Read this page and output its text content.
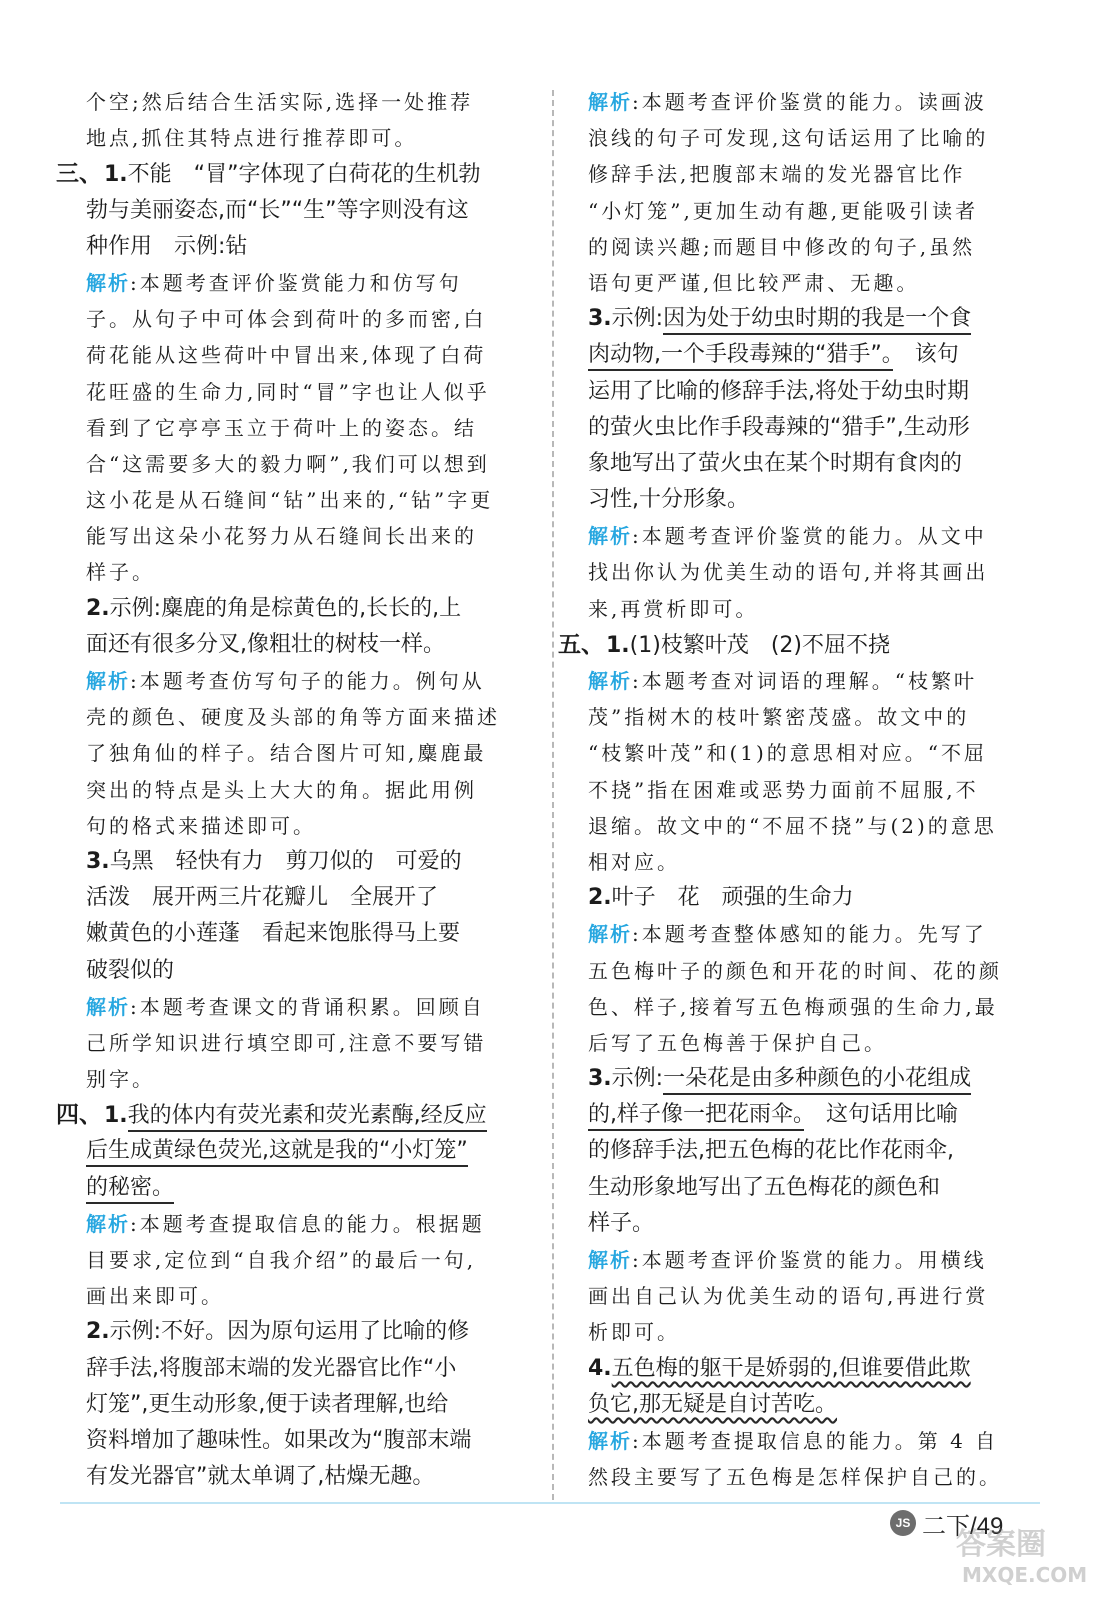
个空;然后结合生活实际,选择一处推荐
地点,抓住其特点进行推荐即可。
三、1.不能　“冒”字体现了白荷花的生机勃
勃与美丽姿态,而“长”“生”等字则没有这
种作用　示例:钻
解析:本题考查评价鉴赏能力和仿写句
子。从句子中可体会到荷叶的多而密,白
荷花能从这些荷叶中冒出来,体现了白荷
花旺盛的生命力,同时“冒”字也让人似乎
看到了它亭亭玉立于荷叶上的姿态。结
合“这需要多大的毅力啊”,我们可以想到
这小花是从石缝间“钻”出来的,“钻”字更
能写出这朵小花努力从石缝间长出来的
样子。
2.示例:麋鹿的角是棕黄色的,长长的,上
面还有很多分叉,像粗壮的树枝一样。
解析:本题考查仿写句子的能力。例句从
壳的颜色、硬度及头部的角等方面来描述
了独角仙的样子。结合图片可知,麋鹿最
突出的特点是头上大大的角。据此用例
句的格式来描述即可。
3.乌黑　轻快有力　剪刀似的　可爱的
活泼　展开两三片花瓣儿　全展开了
嫩黄色的小莲蓬　看起来饱胀得马上要
破裂似的
解析:本题考查课文的背诵积累。回顾自
己所学知识进行填空即可,注意不要写错
别字。
四、1.我的体内有荧光素和荧光素酶,经反应
后生成黄绿色荧光,这就是我的“小灯笼”
的秘密。
解析:本题考查提取信息的能力。根据题
目要求,定位到“自我介绍”的最后一句,
画出来即可。
2.示例:不好。因为原句运用了比喻的修
辞手法,将腹部末端的发光器官比作“小
灯笼”,更生动形象,便于读者理解,也给
资料增加了趣味性。如果改为“腹部末端
有发光器官”就太单调了,枯燥无趣。
解析:本题考查评价鉴赏的能力。读画波
浪线的句子可发现,这句话运用了比喻的
修辞手法,把腹部末端的发光器官比作
“小灯笼”,更加生动有趣,更能吸引读者
的阅读兴趣;而题目中修改的句子,虽然
语句更严谨,但比较严肃、无趣。
3.示例:因为处于幼虫时期的我是一个食
肉动物,一个手段毒辣的“猎手”。　该句
运用了比喻的修辞手法,将处于幼虫时期
的萤火虫比作手段毒辣的“猎手”,生动形
象地写出了萤火虫在某个时期有食肉的
习性,十分形象。
解析:本题考查评价鉴赏的能力。从文中
找出你认为优美生动的语句,并将其画出
来,再赏析即可。
五、1.(1)枝繁叶茂　(2)不屈不挠
解析:本题考查对词语的理解。“枝繁叶
茂”指树木的枝叶繁密茂盛。故文中的
“枝繁叶茂”和(1)的意思相对应。“不屈
不挠”指在困难或恶势力面前不屈服,不
退缩。故文中的“不屈不挠”与(2)的意思
相对应。
2.叶子　花　顽强的生命力
解析:本题考查整体感知的能力。先写了
五色梅叶子的颜色和开花的时间、花的颜
色、样子,接着写五色梅顽强的生命力,最
后写了五色梅善于保护自己。
3.示例:一朵花是由多种颜色的小花组成
的,样子像一把花雨伞。　这句话用比喻
的修辞手法,把五色梅的花比作花雨伞,
生动形象地写出了五色梅花的颜色和
样子。
解析:本题考查评价鉴赏的能力。用横线
画出自己认为优美生动的语句,再进行赏
析即可。
4.五色梅的躯干是娇弱的,但谁要借此欺
负它,那无疑是自讨苦吃。
解析:本题考查提取信息的能力。第 4 自
然段主要写了五色梅是怎样保护自己的。
JS 二下/49
答案圈
MXQE.COM
